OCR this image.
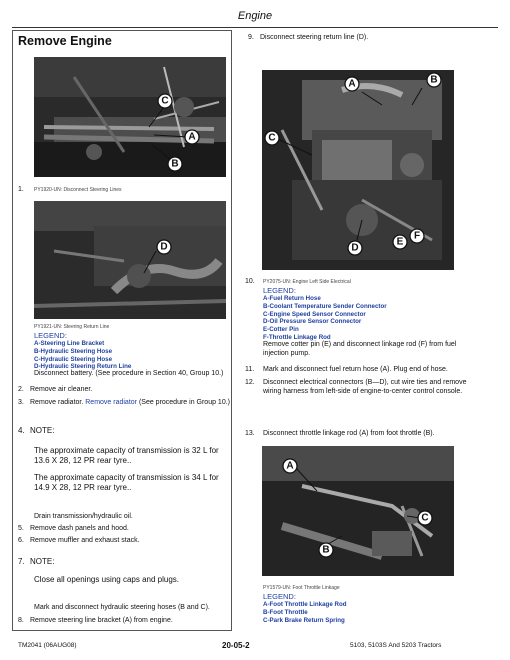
Engine
Remove Engine
C
A
B
1.	PY1920-UN: Disconnect Steering Lines
D
PY1921-UN: Steering Return Line
LEGEND:
A-Steering Line Bracket
B-Hydraulic Steering Hose
C-Hydraulic Steering Hose
D-Hydraulic Steering Return Line
Disconnect battery. (See procedure in Section 40, Group 10.)
2. Remove air cleaner.
3. Remove radiator. Remove radiator (See procedure in Group 10.)
4. NOTE:
The approximate capacity of transmission is 32 L for 13.6 X 28, 12 PR rear tyre..
The approximate capacity of transmission is 34 L for 14.9 X 28, 12 PR rear tyre..
Drain transmission/hydraulic oil.
5. Remove dash panels and hood.
6. Remove muffler and exhaust stack.
7. NOTE:
Close all openings using caps and plugs.
Mark and disconnect hydraulic steering hoses (B and C).
8. Remove steering line bracket (A) from engine.
9. Disconnect steering return line (D).
A	B
C
D
E
F
10.	PY2075-UN: Engine Left Side Electrical
LEGEND:
A-Fuel Return Hose
B-Coolant Temperature Sender Connector
C-Engine Speed Sensor Connector
D-Oil Pressure Sensor Connector
E-Cotter Pin
F-Throttle Linkage Rod
Remove cotter pin (E) and disconnect linkage rod (F) from fuel injection pump.
11. Mark and disconnect fuel return hose (A). Plug end of hose.
12.	Disconnect electrical connectors (B—D), cut wire ties and remove wiring harness from left-side of engine-to-center control console.
13. Disconnect throttle linkage rod (A) from foot throttle (B).
A
C
B
PY1579-UN: Foot Throttle Linkage
LEGEND:
A-Foot Throttle Linkage Rod
B-Foot Throttle
C-Park Brake Return Spring
TM2041 (06AUG08)	20-05-2	5103, 5103S And 5203 Tractors
